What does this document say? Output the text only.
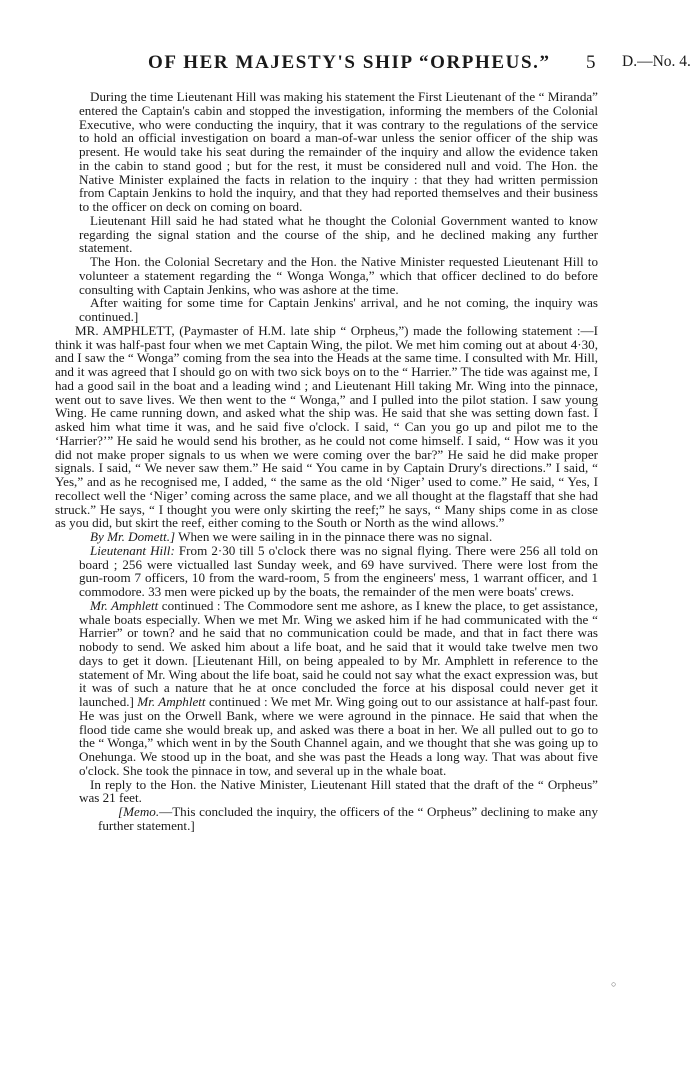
OF HER MAJESTY'S SHIP “ORPHEUS.” 5 D.—No. 4.

During the time Lieutenant Hill was making his statement the First Lieutenant of the “ Miranda” entered the Captain's cabin and stopped the investigation, informing the members of the Colonial Executive, who were conducting the inquiry, that it was contrary to the regulations of the service to hold an official investigation on board a man-of-war unless the senior officer of the ship was present. He would take his seat during the remainder of the inquiry and allow the evidence taken in the cabin to stand good ; but for the rest, it must be considered null and void. The Hon. the Native Minister explained the facts in relation to the inquiry : that they had written permission from Captain Jenkins to hold the inquiry, and that they had reported themselves and their business to the officer on deck on coming on board.

Lieutenant Hill said he had stated what he thought the Colonial Government wanted to know regarding the signal station and the course of the ship, and he declined making any further statement.

The Hon. the Colonial Secretary and the Hon. the Native Minister requested Lieutenant Hill to volunteer a statement regarding the “ Wonga Wonga,” which that officer declined to do before consulting with Captain Jenkins, who was ashore at the time.

After waiting for some time for Captain Jenkins' arrival, and he not coming, the inquiry was continued.]

MR. AMPHLETT, (Paymaster of H.M. late ship “ Orpheus,”) made the following statement :—I think it was half-past four when we met Captain Wing, the pilot. We met him coming out at about 4·30, and I saw the “ Wonga” coming from the sea into the Heads at the same time. I consulted with Mr. Hill, and it was agreed that I should go on with two sick boys on to the “ Harrier.” The tide was against me, I had a good sail in the boat and a leading wind ; and Lieutenant Hill taking Mr. Wing into the pinnace, went out to save lives. We then went to the “ Wonga,” and I pulled into the pilot station. I saw young Wing. He came running down, and asked what the ship was. He said that she was setting down fast. I asked him what time it was, and he said five o'clock. I said, “ Can you go up and pilot me to the ‘Harrier?’” He said he would send his brother, as he could not come himself. I said, “ How was it you did not make proper signals to us when we were coming over the bar?” He said he did make proper signals. I said, “ We never saw them.” He said “ You came in by Captain Drury's directions.” I said, “ Yes,” and as he recognised me, I added, “ the same as the old ‘Niger’ used to come.” He said, “ Yes, I recollect well the ‘Niger’ coming across the same place, and we all thought at the flagstaff that she had struck.” He says, “ I thought you were only skirting the reef;” he says, “ Many ships come in as close as you did, but skirt the reef, either coming to the South or North as the wind allows.”

By Mr. Domett.] When we were sailing in in the pinnace there was no signal.

Lieutenant Hill: From 2·30 till 5 o'clock there was no signal flying. There were 256 all told on board ; 256 were victualled last Sunday week, and 69 have survived. There were lost from the gun-room 7 officers, 10 from the ward-room, 5 from the engineers' mess, 1 warrant officer, and 1 commodore. 33 men were picked up by the boats, the remainder of the men were boats' crews.

Mr. Amphlett continued : The Commodore sent me ashore, as I knew the place, to get assistance, whale boats especially. When we met Mr. Wing we asked him if he had communicated with the “ Harrier” or town? and he said that no communication could be made, and that in fact there was nobody to send. We asked him about a life boat, and he said that it would take twelve men two days to get it down. [Lieutenant Hill, on being appealed to by Mr. Amphlett in reference to the statement of Mr. Wing about the life boat, said he could not say what the exact expression was, but it was of such a nature that he at once concluded the force at his disposal could never get it launched.] Mr. Amphlett continued : We met Mr. Wing going out to our assistance at half-past four. He was just on the Orwell Bank, where we were aground in the pinnace. He said that when the flood tide came she would break up, and asked was there a boat in her. We all pulled out to go to the “ Wonga,” which went in by the South Channel again, and we thought that she was going up to Onehunga. We stood up in the boat, and she was past the Heads a long way. That was about five o'clock. She took the pinnace in tow, and several up in the whale boat.

In reply to the Hon. the Native Minister, Lieutenant Hill stated that the draft of the “ Orpheus” was 21 feet.

[Memo.—This concluded the inquiry, the officers of the “ Orpheus” declining to make any further statement.]

○
